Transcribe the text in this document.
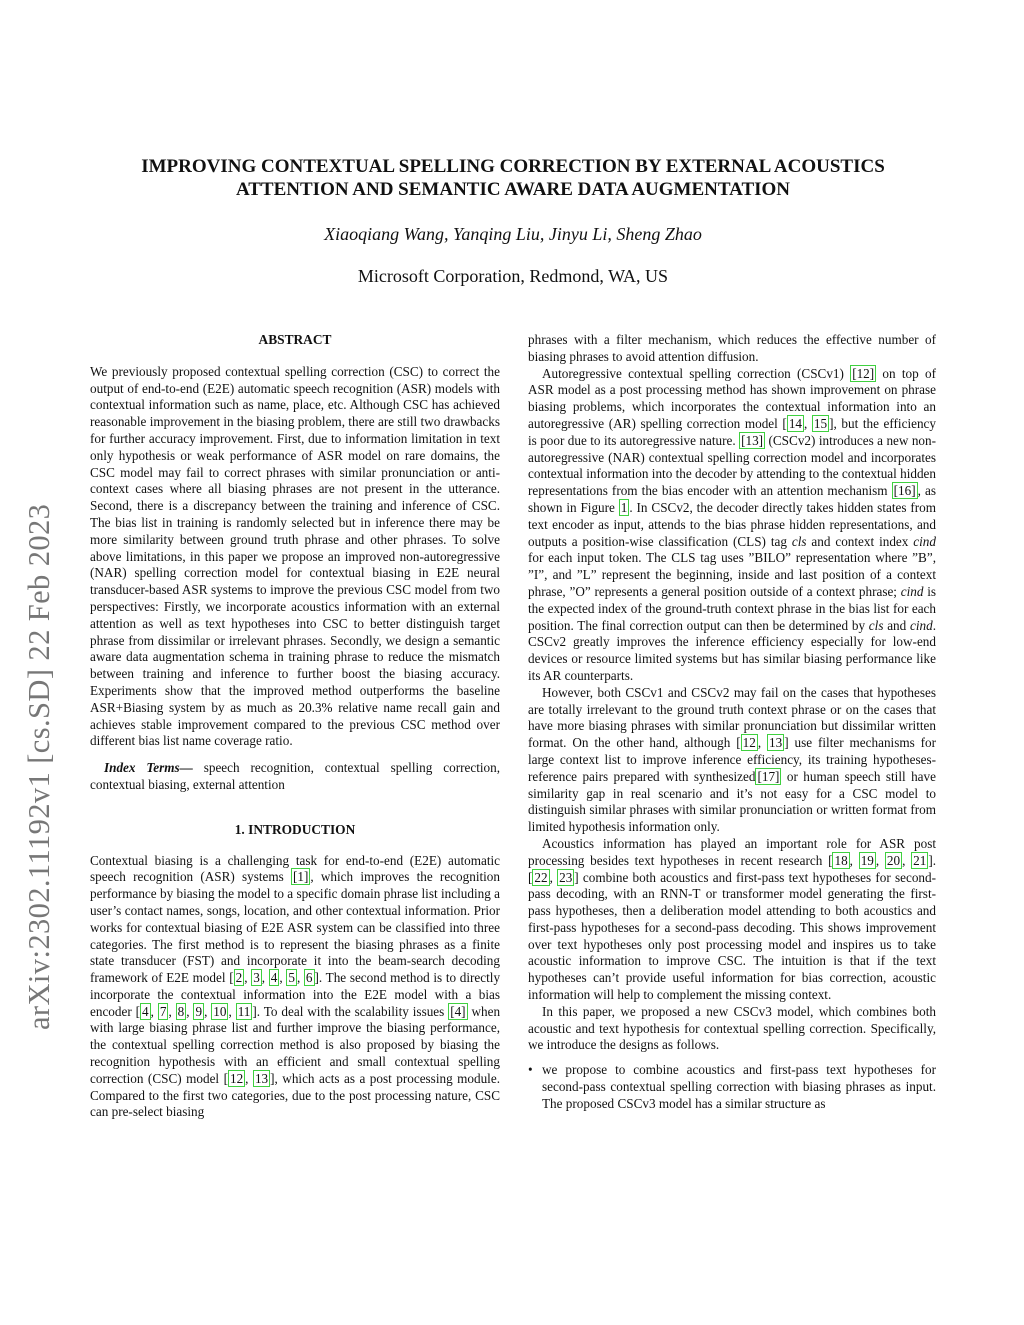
arXiv:2302.11192v1 [cs.SD] 22 Feb 2023
IMPROVING CONTEXTUAL SPELLING CORRECTION BY EXTERNAL ACOUSTICS
ATTENTION AND SEMANTIC AWARE DATA AUGMENTATION
Xiaoqiang Wang, Yanqing Liu, Jinyu Li, Sheng Zhao
Microsoft Corporation, Redmond, WA, US
ABSTRACT

We previously proposed contextual spelling correction (CSC) to correct the output of end-to-end (E2E) automatic speech recognition (ASR) models with contextual information such as name, place, etc. Although CSC has achieved reasonable improvement in the biasing problem, there are still two drawbacks for further accuracy improvement. First, due to information limitation in text only hypothesis or weak performance of ASR model on rare domains, the CSC model may fail to correct phrases with similar pronunciation or anti-context cases where all biasing phrases are not present in the utterance. Second, there is a discrepancy between the training and inference of CSC. The bias list in training is randomly selected but in inference there may be more similarity between ground truth phrase and other phrases. To solve above limitations, in this paper we propose an improved non-autoregressive (NAR) spelling correction model for contextual biasing in E2E neural transducer-based ASR systems to improve the previous CSC model from two perspectives: Firstly, we incorporate acoustics information with an external attention as well as text hypotheses into CSC to better distinguish target phrase from dissimilar or irrelevant phrases. Secondly, we design a semantic aware data augmentation schema in training phrase to reduce the mismatch between training and inference to further boost the biasing accuracy. Experiments show that the improved method outperforms the baseline ASR+Biasing system by as much as 20.3% relative name recall gain and achieves stable improvement compared to the previous CSC method over different bias list name coverage ratio.

Index Terms— speech recognition, contextual spelling correction, contextual biasing, external attention

1. INTRODUCTION

Contextual biasing is a challenging task for end-to-end (E2E) automatic speech recognition (ASR) systems [1] , which improves the recognition performance by biasing the model to a specific domain phrase list including a user’s contact names, songs, location, and other contextual information. Prior works for contextual biasing of E2E ASR system can be classified into three categories. The first method is to represent the biasing phrases as a finite state transducer (FST) and incorporate it into the beam-search decoding framework of E2E model [ 2 , 3 , 4 , 5 , 6 ]. The second method is to directly incorporate the contextual information into the E2E model with a bias encoder [ 4 , 7 , 8 , 9 , 10 , 11 ]. To deal with the scalability issues [4] when with large biasing phrase list and further improve the biasing performance, the contextual spelling correction method is also proposed by biasing the recognition hypothesis with an efficient and small contextual spelling correction (CSC) model [ 12 , 13 ], which acts as a post processing module. Compared to the first two categories, due to the post processing nature, CSC can pre-select biasing

phrases with a filter mechanism, which reduces the effective number of biasing phrases to avoid attention diffusion.

Autoregressive contextual spelling correction (CSCv1) [12] on top of ASR model as a post processing method has shown improvement on phrase biasing problems, which incorporates the contextual information into an autoregressive (AR) spelling correction model [ 14 , 15 ], but the efficiency is poor due to its autoregressive nature. [13] (CSCv2) introduces a new non-autoregressive (NAR) contextual spelling correction model and incorporates contextual information into the decoder by attending to the contextual hidden representations from the bias encoder with an attention mechanism [16] , as shown in Figure 1 . In CSCv2, the decoder directly takes hidden states from text encoder as input, attends to the bias phrase hidden representations, and outputs a position-wise classification (CLS) tag cls and context index cind for each input token. The CLS tag uses ”BILO” representation where ”B”, ”I”, and ”L” represent the beginning, inside and last position of a context phrase, ”O” represents a general position outside of a context phrase; cind is the expected index of the ground-truth context phrase in the bias list for each position. The final correction output can then be determined by cls and cind. CSCv2 greatly improves the inference efficiency especially for low-end devices or resource limited systems but has similar biasing performance like its AR counterparts.

However, both CSCv1 and CSCv2 may fail on the cases that hypotheses are totally irrelevant to the ground truth context phrase or on the cases that have more biasing phrases with similar pronunciation but dissimilar written format. On the other hand, although [ 12 , 13 ] use filter mechanisms for large context list to improve inference efficiency, its training hypotheses-reference pairs prepared with synthesized [17] or human speech still have similarity gap in real scenario and it’s not easy for a CSC model to distinguish similar phrases with similar pronunciation or written format from limited hypothesis information only.

Acoustics information has played an important role for ASR post processing besides text hypotheses in recent research [ 18 , 19 , 20 , 21 ]. [ 22 , 23 ] combine both acoustics and first-pass text hypotheses for second-pass decoding, with an RNN-T or transformer model generating the first-pass hypotheses, then a deliberation model attending to both acoustics and first-pass hypotheses for a second-pass decoding. This shows improvement over text hypotheses only post processing model and inspires us to take acoustic information to improve CSC. The intuition is that if the text hypotheses can’t provide useful information for bias correction, acoustic information will help to complement the missing context.

In this paper, we proposed a new CSCv3 model, which combines both acoustic and text hypothesis for contextual spelling correction. Specifically, we introduce the designs as follows.

• we propose to combine acoustics and first-pass text hypotheses for second-pass contextual spelling correction with biasing phrases as input. The proposed CSCv3 model has a similar structure as
